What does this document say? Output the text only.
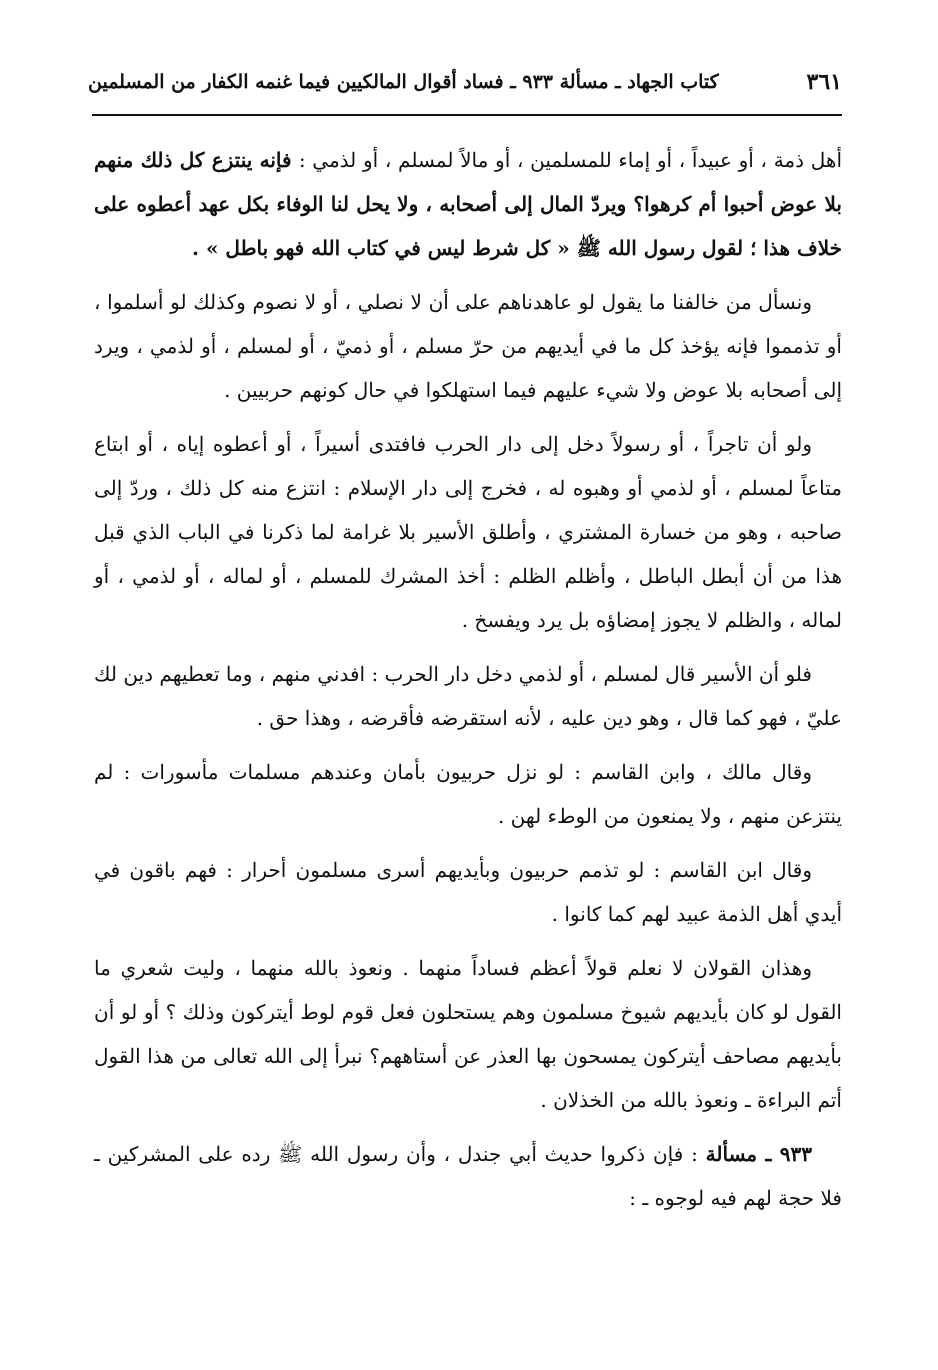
كتاب الجهاد ـ مسألة ٩٣٣ ـ فساد أقوال المالكيين فيما غنمه الكفار من المسلمين	٣٦١

أهل ذمة ، أو عبيداً ، أو إماء للمسلمين ، أو مالاً لمسلم ، أو لذمي : فإنه ينتزع كل ذلك منهم بلا عوض أحبوا أم كرهوا؟ ويردّ المال إلى أصحابه ، ولا يحل لنا الوفاء بكل عهد أعطوه على خلاف هذا ؛ لقول رسول الله ﷺ « كل شرط ليس في كتاب الله فهو باطل » .

ونسأل من خالفنا ما يقول لو عاهدناهم على أن لا نصلي ، أو لا نصوم وكذلك لو أسلموا ، أو تذمموا فإنه يؤخذ كل ما في أيديهم من حرّ مسلم ، أو ذميّ ، أو لمسلم ، أو لذمي ، ويرد إلى أصحابه بلا عوض ولا شيء عليهم فيما استهلكوا في حال كونهم حربيين .

ولو أن تاجراً ، أو رسولاً دخل إلى دار الحرب فافتدى أسيراً ، أو أعطوه إياه ، أو ابتاع متاعاً لمسلم ، أو لذمي أو وهبوه له ، فخرج إلى دار الإسلام : انتزع منه كل ذلك ، وردّ إلى صاحبه ، وهو من خسارة المشتري ، وأطلق الأسير بلا غرامة لما ذكرنا في الباب الذي قبل هذا من أن أبطل الباطل ، وأظلم الظلم : أخذ المشرك للمسلم ، أو لماله ، أو لذمي ، أو لماله ، والظلم لا يجوز إمضاؤه بل يرد ويفسخ .

فلو أن الأسير قال لمسلم ، أو لذمي دخل دار الحرب : افدني منهم ، وما تعطيهم دين لك عليّ ، فهو كما قال ، وهو دين عليه ، لأنه استقرضه فأقرضه ، وهذا حق .

وقال مالك ، وابن القاسم : لو نزل حربيون بأمان وعندهم مسلمات مأسورات : لم ينتزعن منهم ، ولا يمنعون من الوطء لهن .

وقال ابن القاسم : لو تذمم حربيون وبأيديهم أسرى مسلمون أحرار : فهم باقون في أيدي أهل الذمة عبيد لهم كما كانوا .

وهذان القولان لا نعلم قولاً أعظم فساداً منهما . ونعوذ بالله منهما ، وليت شعري ما القول لو كان بأيديهم شيوخ مسلمون وهم يستحلون فعل قوم لوط أيتركون وذلك ؟ أو لو أن بأيديهم مصاحف أيتركون يمسحون بها العذر عن أستاههم؟ نبرأ إلى الله تعالى من هذا القول أتم البراءة ـ ونعوذ بالله من الخذلان .

٩٣٣ ـ مسألة : فإن ذكروا حديث أبي جندل ، وأن رسول الله ﷺ رده على المشركين ـ فلا حجة لهم فيه لوجوه ـ :
